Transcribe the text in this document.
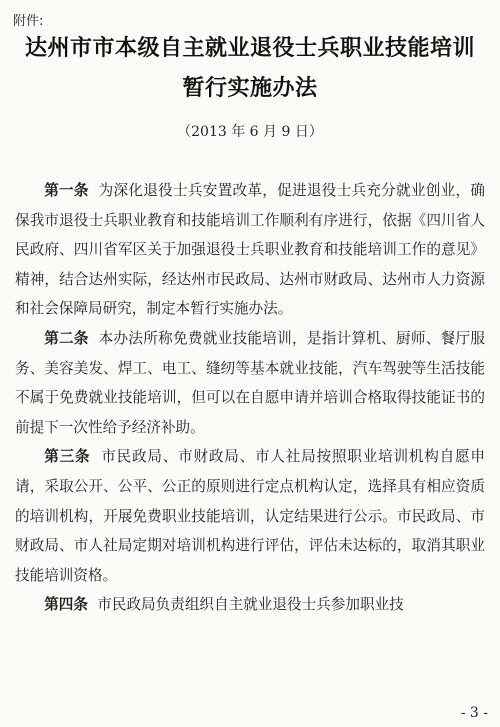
附件:
达州市市本级自主就业退役士兵职业技能培训
暂行实施办法
（2013 年 6 月 9 日）

第一条 为深化退役士兵安置改革，促进退役士兵充分就业创业，确保我市退役士兵职业教育和技能培训工作顺利有序进行，依据《四川省人民政府、四川省军区关于加强退役士兵职业教育和技能培训工作的意见》精神，结合达州实际，经达州市民政局、达州市财政局、达州市人力资源和社会保障局研究，制定本暂行实施办法。

第二条 本办法所称免费就业技能培训，是指计算机、厨师、餐厅服务、美容美发、焊工、电工、缝纫等基本就业技能，汽车驾驶等生活技能不属于免费就业技能培训，但可以在自愿申请并培训合格取得技能证书的前提下一次性给予经济补助。

第三条 市民政局、市财政局、市人社局按照职业培训机构自愿申请，采取公开、公平、公正的原则进行定点机构认定，选择具有相应资质的培训机构，开展免费职业技能培训，认定结果进行公示。市民政局、市财政局、市人社局定期对培训机构进行评估，评估未达标的，取消其职业技能培训资格。

第四条 市民政局负责组织自主就业退役士兵参加职业技

- 3 -
